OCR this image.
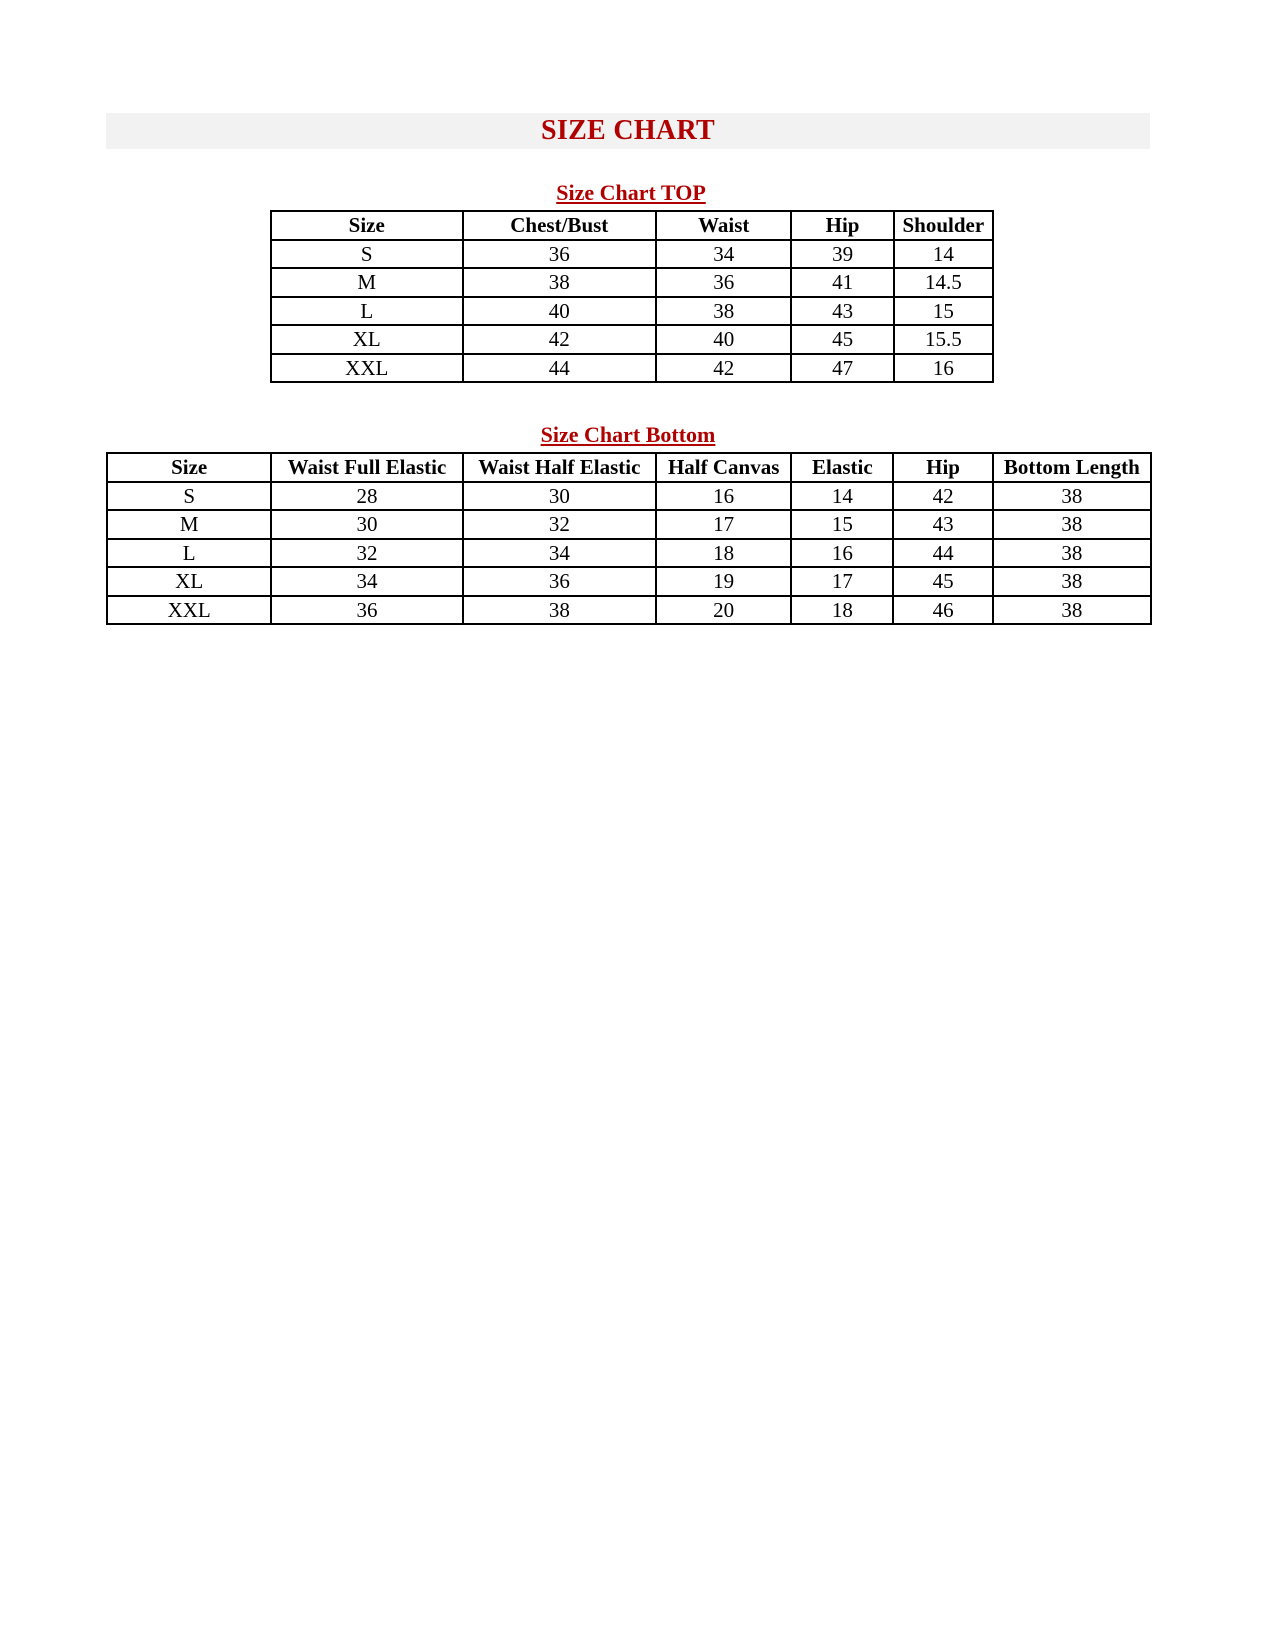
SIZE CHART
Size Chart TOP
Size	Chest/Bust	Waist	Hip	Shoulder
S	36	34	39	14
M	38	36	41	14.5
L	40	38	43	15
XL	42	40	45	15.5
XXL	44	42	47	16
Size Chart Bottom
Size	Waist Full Elastic	Waist Half Elastic	Half Canvas	Elastic	Hip	Bottom Length
S	28	30	16	14	42	38
M	30	32	17	15	43	38
L	32	34	18	16	44	38
XL	34	36	19	17	45	38
XXL	36	38	20	18	46	38
